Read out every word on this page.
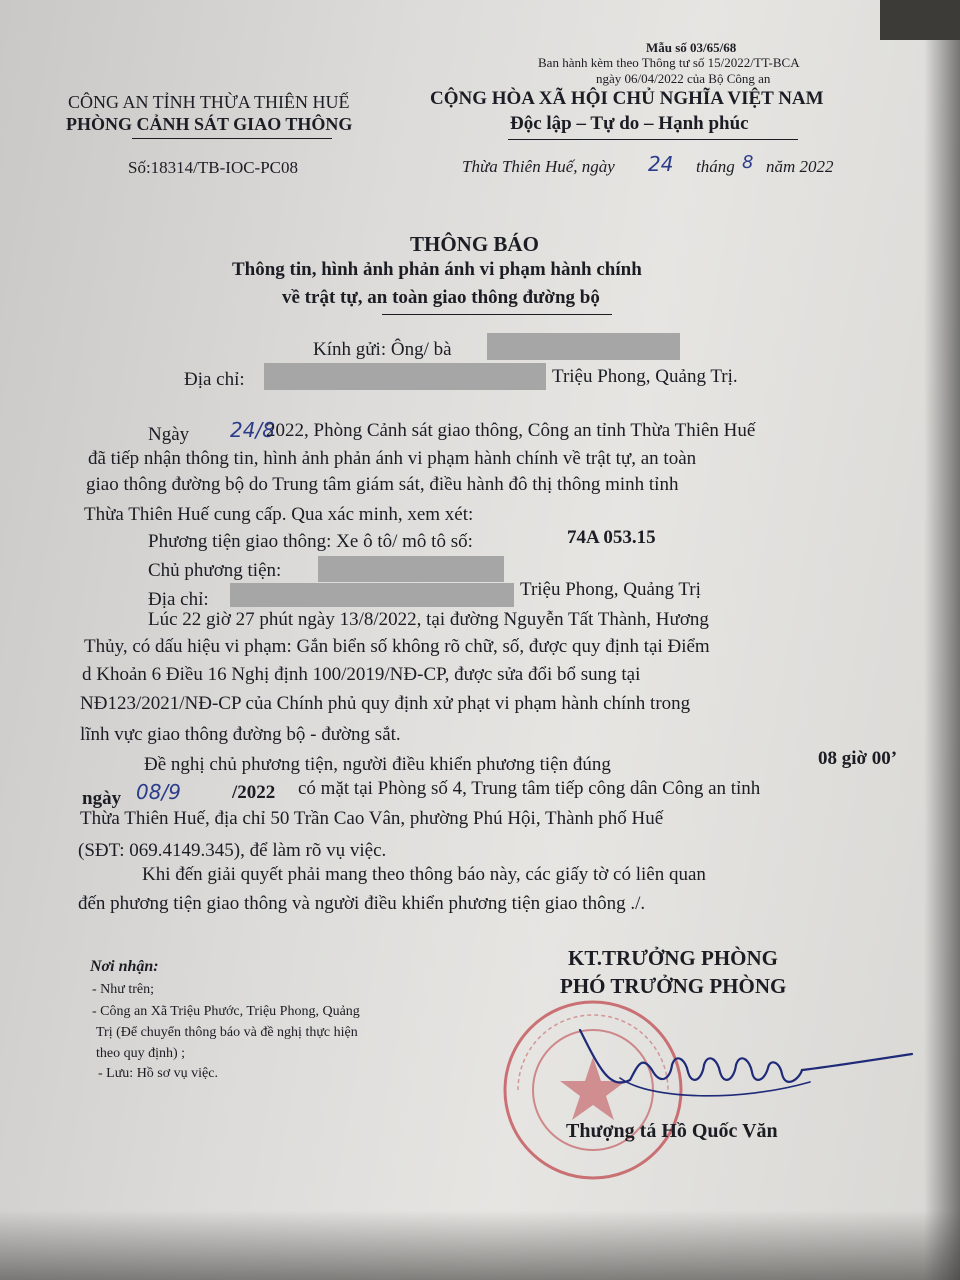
Mẫu số 03/65/68
Ban hành kèm theo Thông tư số 15/2022/TT-BCA
ngày 06/04/2022 của Bộ Công an
CÔNG AN TỈNH THỪA THIÊN HUẾ
PHÒNG CẢNH SÁT GIAO THÔNG
Số:18314/TB-IOC-PC08
CỘNG HÒA XÃ HỘI CHỦ NGHĨA VIỆT NAM
Độc lập – Tự do – Hạnh phúc
Thừa Thiên Huế, ngày 24 tháng 8 năm 2022
THÔNG BÁO
Thông tin, hình ảnh phản ánh vi phạm hành chính
về trật tự, an toàn giao thông đường bộ
Kính gửi: Ông/ bà
Địa chỉ:	Triệu Phong, Quảng Trị.
Ngày 24/8
2022, Phòng Cảnh sát giao thông, Công an tỉnh Thừa Thiên Huế
đã tiếp nhận thông tin, hình ảnh phản ánh vi phạm hành chính về trật tự, an toàn
giao thông đường bộ do Trung tâm giám sát, điều hành đô thị thông minh tỉnh
Thừa Thiên Huế cung cấp. Qua xác minh, xem xét:
Phương tiện giao thông: Xe ô tô/ mô tô số:	74A 053.15
Chủ phương tiện:
Địa chỉ:	Triệu Phong, Quảng Trị
Lúc 22 giờ 27 phút ngày 13/8/2022, tại đường Nguyễn Tất Thành, Hương
Thủy, có dấu hiệu vi phạm: Gắn biển số không rõ chữ, số, được quy định tại Điểm
d Khoản 6 Điều 16 Nghị định 100/2019/NĐ-CP, được sửa đổi bổ sung tại
NĐ123/2021/NĐ-CP của Chính phủ quy định xử phạt vi phạm hành chính trong
lĩnh vực giao thông đường bộ - đường sắt.
Đề nghị chủ phương tiện, người điều khiển phương tiện đúng	08 giờ 00’
ngày 08/9	/2022 có mặt tại Phòng số 4, Trung tâm tiếp công dân Công an tỉnh
Thừa Thiên Huế, địa chỉ 50 Trần Cao Vân, phường Phú Hội, Thành phố Huế
(SĐT: 069.4149.345), để làm rõ vụ việc.
Khi đến giải quyết phải mang theo thông báo này, các giấy tờ có liên quan
đến phương tiện giao thông và người điều khiển phương tiện giao thông ./.
Nơi nhận:
- Như trên;
- Công an Xã Triệu Phước, Triệu Phong, Quảng
Trị (Để chuyển thông báo và đề nghị thực hiện
theo quy định) ;
- Lưu: Hồ sơ vụ việc.
KT.TRƯỞNG PHÒNG
PHÓ TRƯỞNG PHÒNG
Thượng tá Hồ Quốc Văn
